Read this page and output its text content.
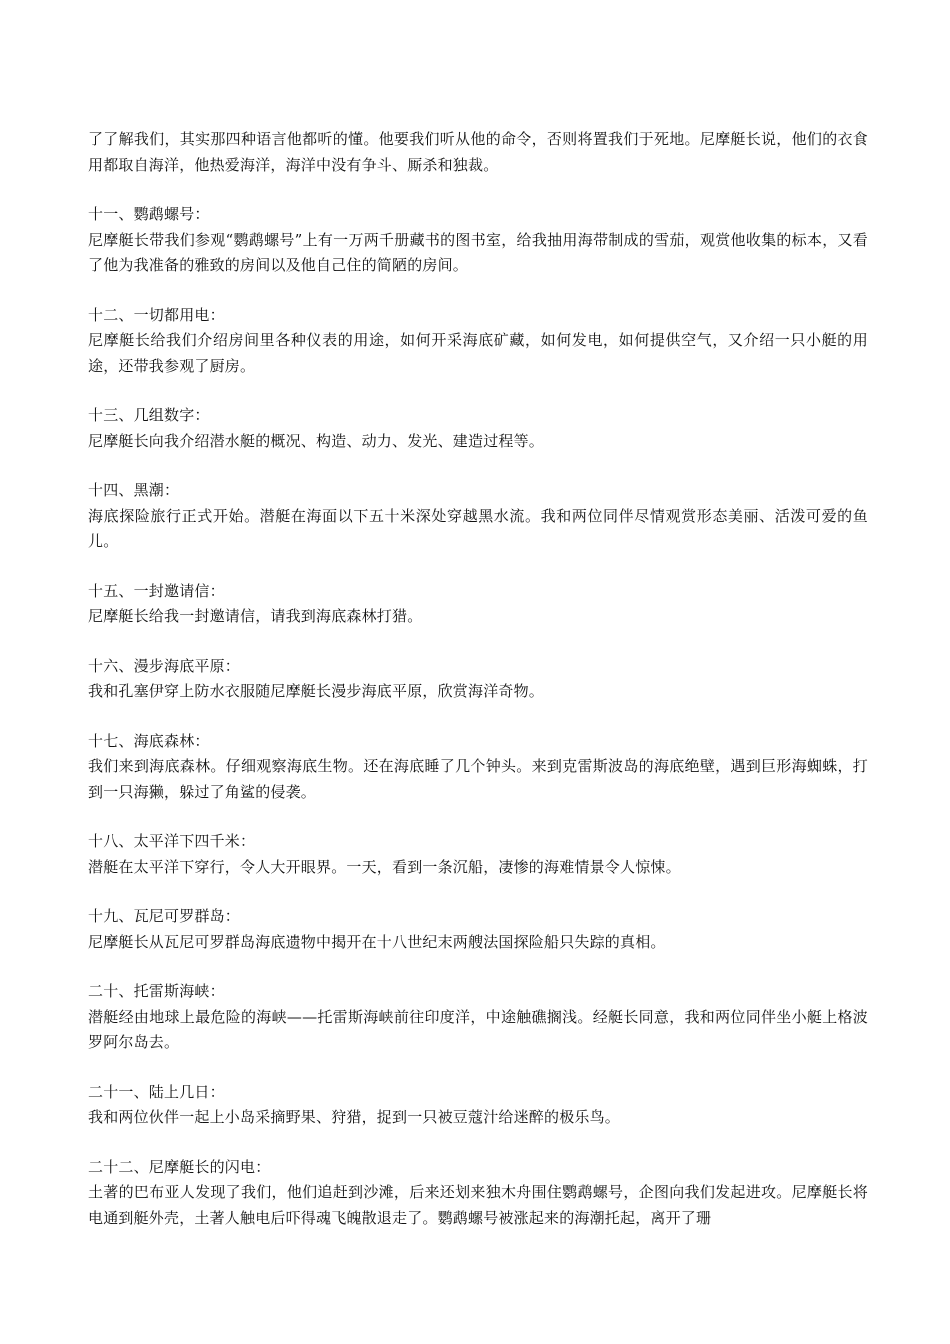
了了解我们，其实那四种语言他都听的懂。他要我们听从他的命令，否则将置我们于死地。尼摩艇长说，他们的衣食用都取自海洋，他热爱海洋，海洋中没有争斗、厮杀和独裁。

十一、鹦鹉螺号：

尼摩艇长带我们参观“鹦鹉螺号”上有一万两千册藏书的图书室，给我抽用海带制成的雪茄，观赏他收集的标本，又看了他为我准备的雅致的房间以及他自己住的简陋的房间。

十二、一切都用电：

尼摩艇长给我们介绍房间里各种仪表的用途，如何开采海底矿藏，如何发电，如何提供空气，又介绍一只小艇的用途，还带我参观了厨房。

十三、几组数字：

尼摩艇长向我介绍潜水艇的概况、构造、动力、发光、建造过程等。

十四、黑潮：

海底探险旅行正式开始。潜艇在海面以下五十米深处穿越黑水流。我和两位同伴尽情观赏形态美丽、活泼可爱的鱼儿。

十五、一封邀请信：

尼摩艇长给我一封邀请信，请我到海底森林打猎。

十六、漫步海底平原：

我和孔塞伊穿上防水衣服随尼摩艇长漫步海底平原，欣赏海洋奇物。

十七、海底森林：

我们来到海底森林。仔细观察海底生物。还在海底睡了几个钟头。来到克雷斯波岛的海底绝壁，遇到巨形海蜘蛛，打到一只海獭，躲过了角鲨的侵袭。

十八、太平洋下四千米：

潜艇在太平洋下穿行，令人大开眼界。一天，看到一条沉船，凄惨的海难情景令人惊悚。

十九、瓦尼可罗群岛：

尼摩艇长从瓦尼可罗群岛海底遗物中揭开在十八世纪末两艘法国探险船只失踪的真相。

二十、托雷斯海峡：

潜艇经由地球上最危险的海峡——托雷斯海峡前往印度洋，中途触礁搁浅。经艇长同意，我和两位同伴坐小艇上格波罗阿尔岛去。

二十一、陆上几日：

我和两位伙伴一起上小岛采摘野果、狩猎，捉到一只被豆蔻汁给迷醉的极乐鸟。

二十二、尼摩艇长的闪电：

土著的巴布亚人发现了我们，他们追赶到沙滩，后来还划来独木舟围住鹦鹉螺号，企图向我们发起进攻。尼摩艇长将电通到艇外壳，土著人触电后吓得魂飞魄散退走了。鹦鹉螺号被涨起来的海潮托起，离开了珊
